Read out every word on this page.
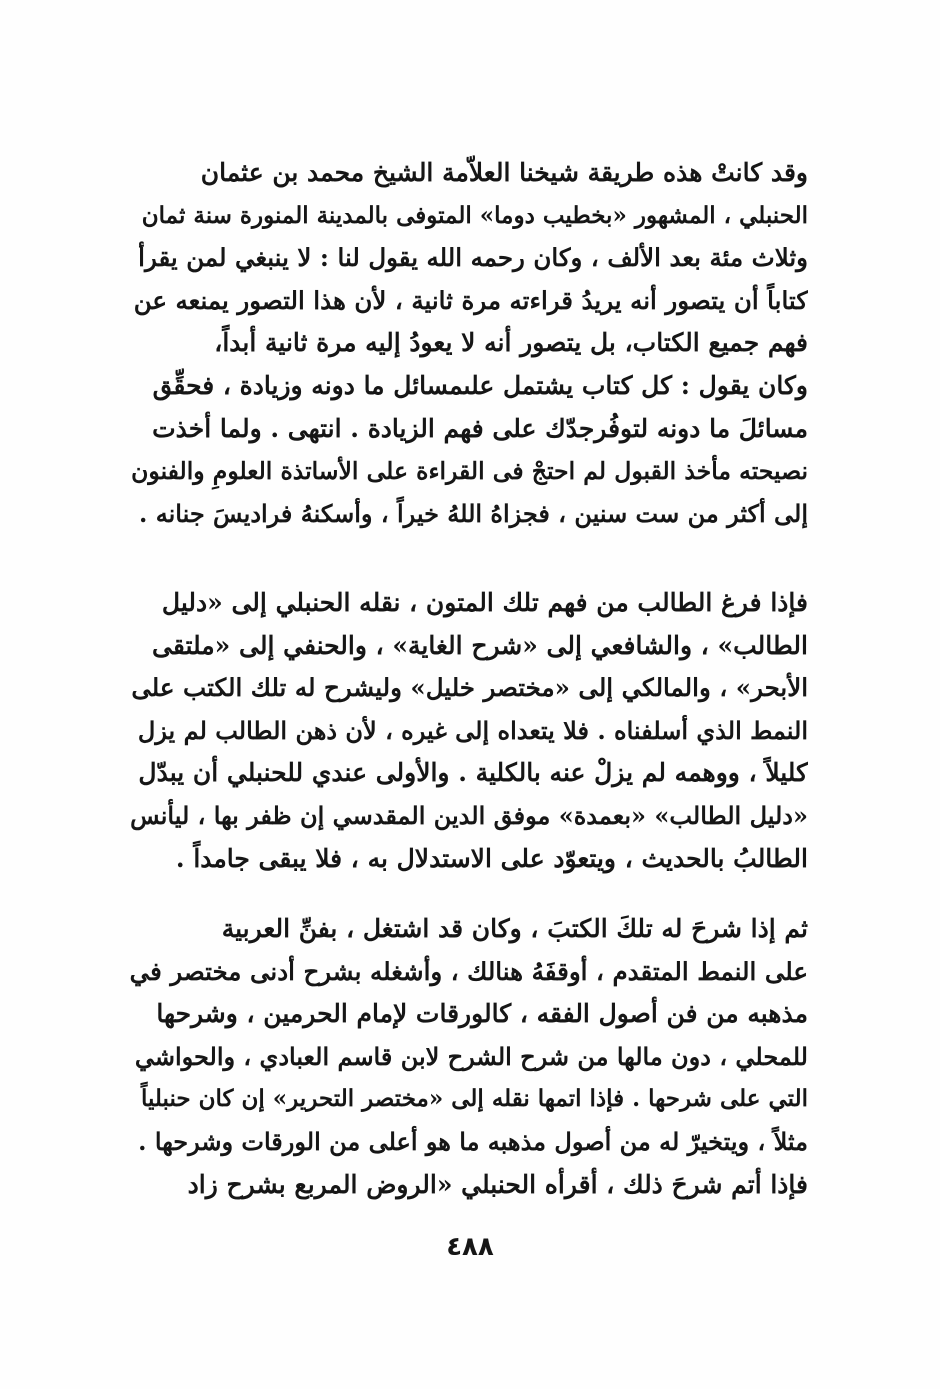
وقد كانتْ هذه طريقة شيخنا العلاّمة الشيخ محمد بن عثمان
الحنبلي ، المشهور «بخطيب دوما» المتوفى بالمدينة المنورة سنة ثمان
وثلاث مئة بعد الألف ، وكان رحمه الله يقول لنا : لا ينبغي لمن يقرأ
كتاباً أن يتصور أنه يريدُ قراءته مرة ثانية ، لأن هذا التصور يمنعه عن
فهم جميع الكتاب، بل يتصور أنه لا يعودُ إليه مرة ثانية أبداً،
وكان يقول : كل كتاب يشتمل علىمسائل ما دونه وزيادة ، فحقِّق
مسائلَ ما دونه لتوفُرجدّك على فهم الزيادة . انتهى . ولما أخذت
نصيحته مأخذ القبول لم احتجْ فى القراءة على الأساتذة العلومِ والفنون
إلى أكثر من ست سنين ، فجزاهُ اللهُ خيراً ، وأسكنهُ فراديسَ جنانه .
فإذا فرغ الطالب من فهم تلك المتون ، نقله الحنبلي إلى «دليل
الطالب» ، والشافعي إلى «شرح الغاية» ، والحنفي إلى «ملتقى
الأبحر» ، والمالكي إلى «مختصر خليل» وليشرح له تلك الكتب على
النمط الذي أسلفناه . فلا يتعداه إلى غيره ، لأن ذهن الطالب لم يزل
كليلاً ، ووهمه لم يزلْ عنه بالكلية . والأولى عندي للحنبلي أن يبدّل
«دليل الطالب» «بعمدة» موفق الدين المقدسي إن ظفر بها ، ليأنس
الطالبُ بالحديث ، ويتعوّد على الاستدلال به ، فلا يبقى جامداً .
ثم إذا شرحَ له تلكَ الكتبَ ، وكان قد اشتغل ، بفنِّ العربية
على النمط المتقدم ، أوقفَهُ هنالك ، وأشغله بشرح أدنى مختصر في
مذهبه من فن أصول الفقه ، كالورقات لإمام الحرمين ، وشرحها
للمحلي ، دون مالها من شرح الشرح لابن قاسم العبادي ، والحواشي
التي على شرحها . فإذا اتمها نقله إلى «مختصر التحرير» إن كان حنبلياً
مثلاً ، ويتخيرّ له من أصول مذهبه ما هو أعلى من الورقات وشرحها .
فإذا أتم شرحَ ذلك ، أقرأه الحنبلي «الروض المربع بشرح زاد
٤٨٨
